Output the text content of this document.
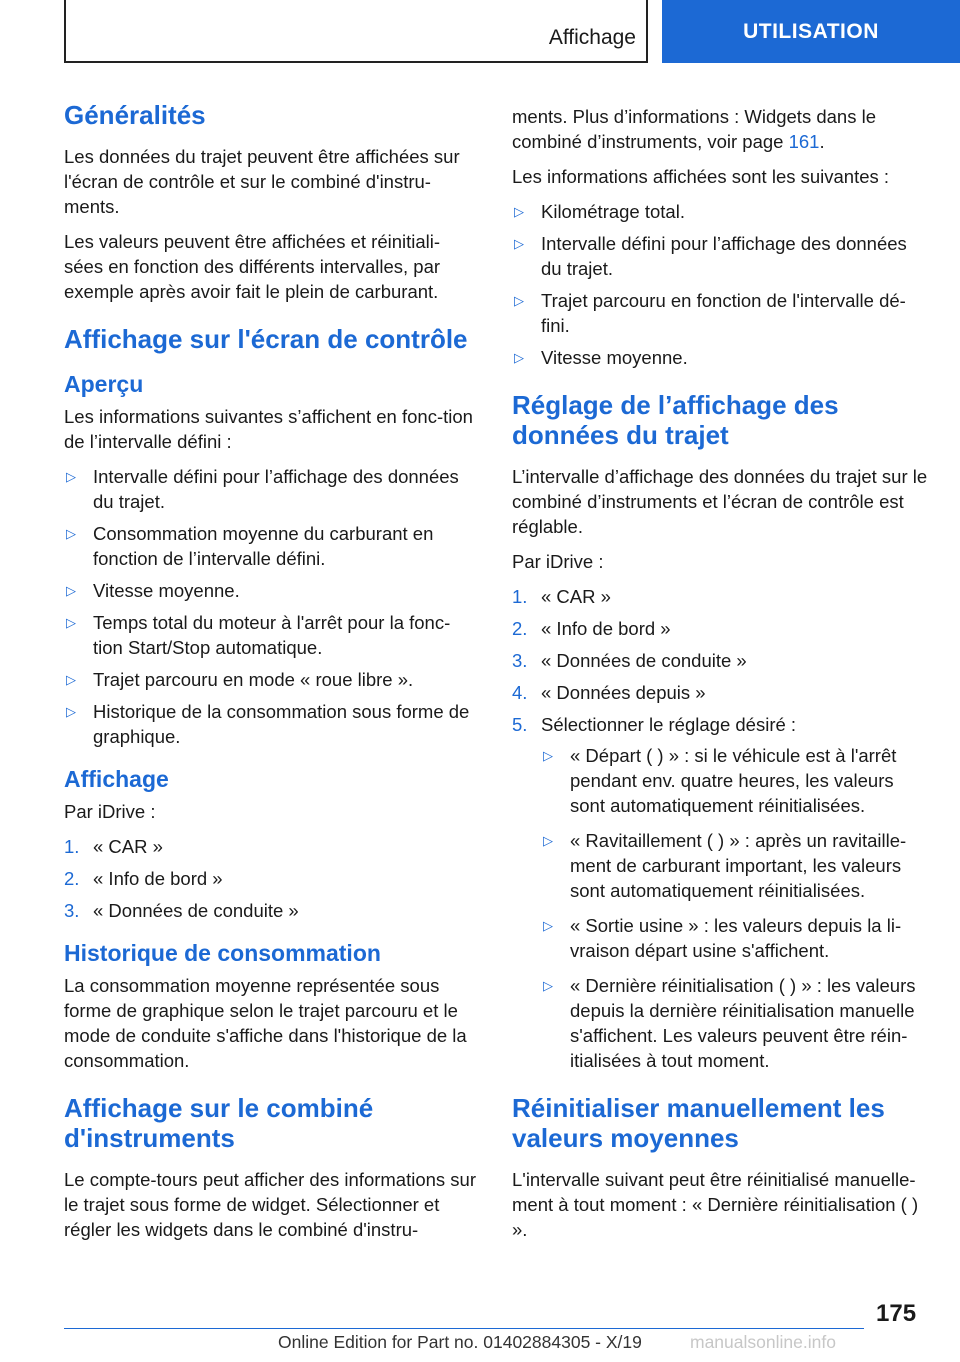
Affichage	UTILISATION
Généralités

Les données du trajet peuvent être affichées sur l'écran de contrôle et sur le combiné d'instru-ments.

Les valeurs peuvent être affichées et réinitiali-sées en fonction des différents intervalles, par exemple après avoir fait le plein de carburant.

Affichage sur l'écran de contrôle
Aperçu

Les informations suivantes s’affichent en fonc-tion de l’intervalle défini :

▷ Intervalle défini pour l’affichage des données du trajet.
▷ Consommation moyenne du carburant en fonction de l’intervalle défini.
▷ Vitesse moyenne.
▷ Temps total du moteur à l'arrêt pour la fonc-tion Start/Stop automatique.
▷ Trajet parcouru en mode « roue libre ».
▷ Historique de la consommation sous forme de graphique.
Affichage

Par iDrive :

1. « CAR »
2. « Info de bord »
3. « Données de conduite »
Historique de consommation

La consommation moyenne représentée sous forme de graphique selon le trajet parcouru et le mode de conduite s'affiche dans l'historique de la consommation.

Affichage sur le combiné d'instruments

Le compte-tours peut afficher des informations sur le trajet sous forme de widget. Sélectionner et régler les widgets dans le combiné d'instru-

ments. Plus d’informations : Widgets dans le combiné d’instruments, voir page 161.

Les informations affichées sont les suivantes :

▷ Kilométrage total.
▷ Intervalle défini pour l’affichage des données du trajet.
▷ Trajet parcouru en fonction de l'intervalle dé-fini.
▷ Vitesse moyenne.
Réglage de l’affichage des données du trajet

L’intervalle d’affichage des données du trajet sur le combiné d’instruments et l’écran de contrôle est réglable.

Par iDrive :

1. « CAR »
2. « Info de bord »
3. « Données de conduite »
4. « Données depuis »
5. Sélectionner le réglage désiré :
▷ « Départ ( ) » : si le véhicule est à l'arrêt pendant env. quatre heures, les valeurs sont automatiquement réinitialisées.
▷ « Ravitaillement ( ) » : après un ravitaille-ment de carburant important, les valeurs sont automatiquement réinitialisées.
▷ « Sortie usine » : les valeurs depuis la li-vraison départ usine s'affichent.
▷ « Dernière réinitialisation ( ) » : les valeurs depuis la dernière réinitialisation manuelle s'affichent. Les valeurs peuvent être réin-itialisées à tout moment.
Réinitialiser manuellement les valeurs moyennes

L'intervalle suivant peut être réinitialisé manuelle-ment à tout moment : « Dernière réinitialisation ( ) ».

175
Online Edition for Part no. 01402884305 - X/19	manualsonline.info
